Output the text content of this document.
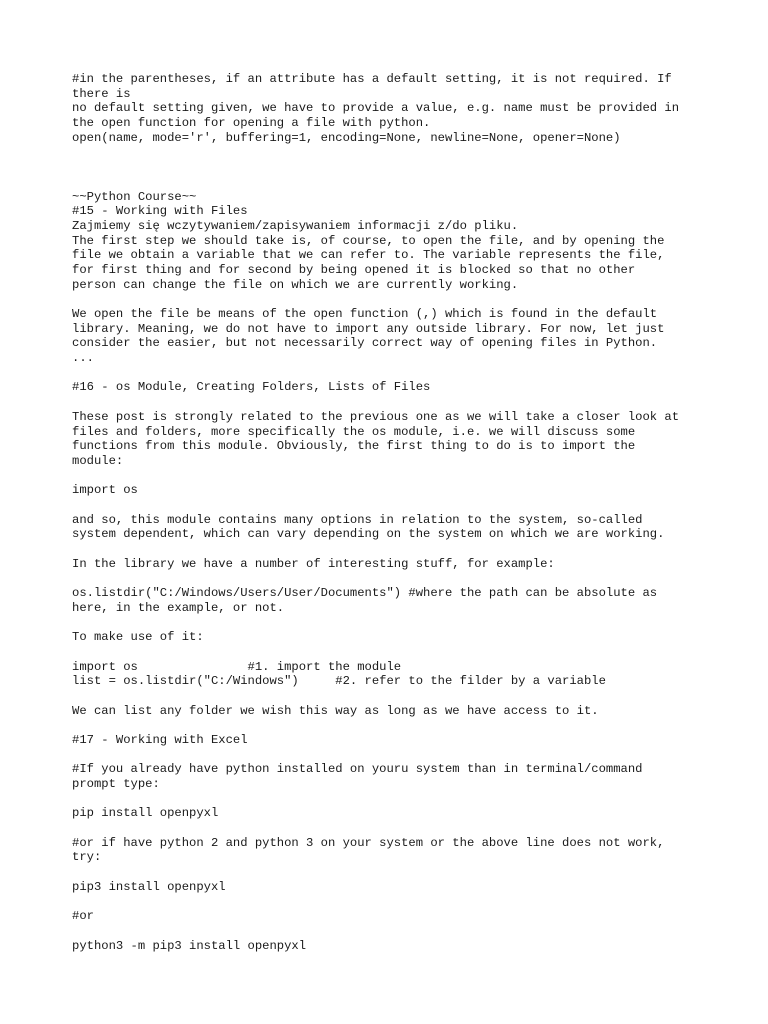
#in the parentheses, if an attribute has a default setting, it is not required. If
there is
no default setting given, we have to provide a value, e.g. name must be provided in
the open function for opening a file with python.
open(name, mode='r', buffering=1, encoding=None, newline=None, opener=None)
~~Python Course~~
#15 - Working with Files
Zajmiemy się wczytywaniem/zapisywaniem informacji z/do pliku.
The first step we should take is, of course, to open the file, and by opening the
file we obtain a variable that we can refer to. The variable represents the file,
for first thing and for second by being opened it is blocked so that no other
person can change the file on which we are currently working.
We open the file be means of the open function (,) which is found in the default
library. Meaning, we do not have to import any outside library. For now, let just
consider the easier, but not necessarily correct way of opening files in Python.
...
#16 - os Module, Creating Folders, Lists of Files
These post is strongly related to the previous one as we will take a closer look at
files and folders, more specifically the os module, i.e. we will discuss some
functions from this module. Obviously, the first thing to do is to import the
module:
import os
and so, this module contains many options in relation to the system, so-called
system dependent, which can vary depending on the system on which we are working.
In the library we have a number of interesting stuff, for example:
os.listdir("C:/Windows/Users/User/Documents") #where the path can be absolute as
here, in the example, or not.
To make use of it:
import os               #1. import the module
list = os.listdir("C:/Windows")     #2. refer to the filder by a variable
We can list any folder we wish this way as long as we have access to it.
#17 - Working with Excel
#If you already have python installed on youru system than in terminal/command
prompt type:
pip install openpyxl
#or if have python 2 and python 3 on your system or the above line does not work,
try:
pip3 install openpyxl
#or
python3 -m pip3 install openpyxl
